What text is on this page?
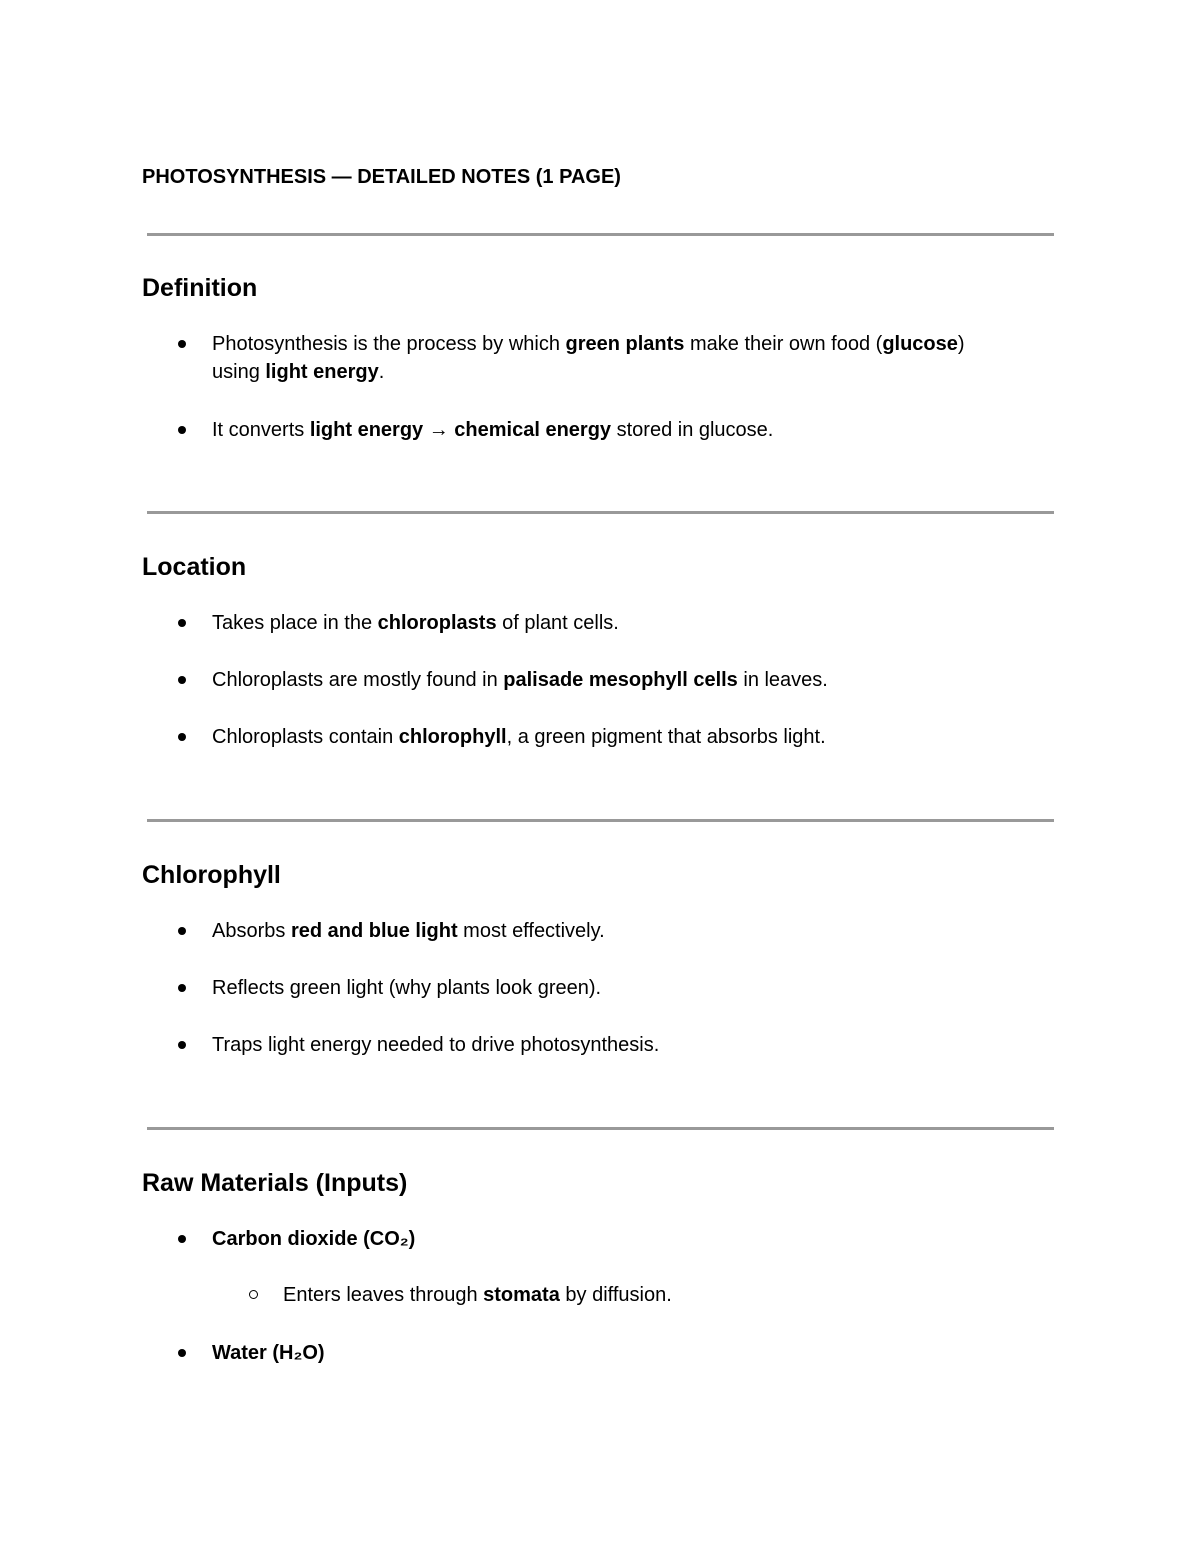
PHOTOSYNTHESIS — DETAILED NOTES (1 PAGE)
Definition
Photosynthesis is the process by which green plants make their own food (glucose)
using light energy.
It converts light energy → chemical energy stored in glucose.
Location
Takes place in the chloroplasts of plant cells.
Chloroplasts are mostly found in palisade mesophyll cells in leaves.
Chloroplasts contain chlorophyll, a green pigment that absorbs light.
Chlorophyll
Absorbs red and blue light most effectively.
Reflects green light (why plants look green).
Traps light energy needed to drive photosynthesis.
Raw Materials (Inputs)
Carbon dioxide (CO₂)
Enters leaves through stomata by diffusion.
Water (H₂O)
